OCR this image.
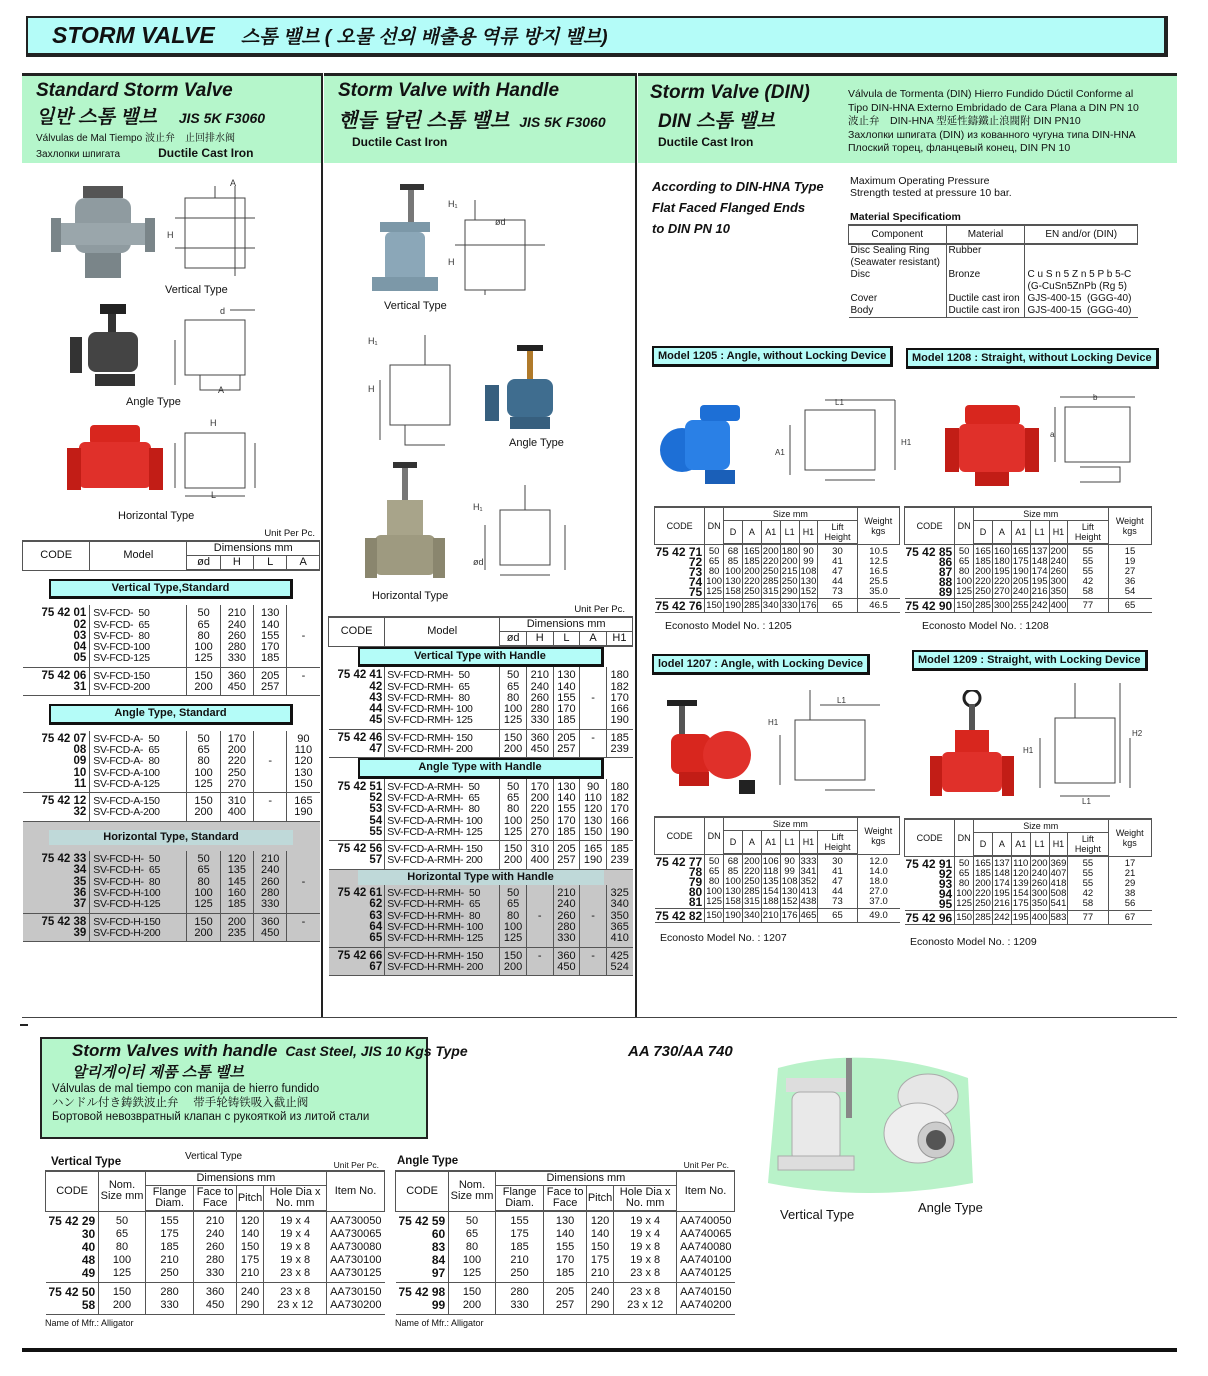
STORM VALVE 스톰 밸브 ( 오물 선외 배출용 역류 방지 밸브)
Standard Storm Valve
일반 스톰 밸브 JIS 5K F3060
Válvulas de Mal Tiempo 波止弁　止回排水阀
Захлопки шпигата	Ductile Cast Iron
Storm Valve with Handle
핸들 달린 스톰 밸브 JIS 5K F3060
Ductile Cast Iron
Storm Valve (DIN)
DIN 스톰 밸브
Ductile Cast Iron
Válvula de Tormenta (DIN) Hierro Fundido Dúctil Conforme al
Tipo DIN-HNA Externo Embridado de Cara Plana a DIN PN 10
波止弁　DIN-HNA 型延性鑄鐵止浪閥附 DIN PN10
Захлопки шпигата (DIN) из кованного чугуна типа DIN-HNA
Плоский торец, фланцевый конец, DIN PN 10
A
H
Vertical Type
d
A
Angle Type
H
L
Horizontal Type
Unit Per Pc.
CODE	Model	Dimensions mm			
		ød	H	L	A
Vertical Type,Standard					
75 42 01	SV-FCD-  50	50	210	130	
02	SV-FCD-  65	65	240	140	
03	SV-FCD-  80	80	260	155	-
04	SV-FCD-100	100	280	170	
05	SV-FCD-125	125	330	185	
75 42 06	SV-FCD-150	150	360	205	-
31	SV-FCD-200	200	450	257	
Angle Type, Standard					
75 42 07	SV-FCD-A-  50	50	170		90
08	SV-FCD-A-  65	65	200		110
09	SV-FCD-A-  80	80	220	-	120
10	SV-FCD-A-100	100	250		130
11	SV-FCD-A-125	125	270		150
75 42 12	SV-FCD-A-150	150	310	-	165
32	SV-FCD-A-200	200	400		190
Horizontal Type, Standard					
75 42 33	SV-FCD-H-  50	50	120	210	
34	SV-FCD-H-  65	65	135	240	
35	SV-FCD-H-  80	80	145	260	-
36	SV-FCD-H-100	100	160	280	
37	SV-FCD-H-125	125	185	330	
75 42 38	SV-FCD-H-150	150	200	360	-
39	SV-FCD-H-200	200	235	450	
H₁
H
ød
Vertical Type
H₁
H
Angle Type
H₁
ød
Horizontal Type
Unit Per Pc.
CODE	Model	Dimensions mm				
		ød	H	L	A	H1
Vertical Type with Handle						
75 42 41	SV-FCD-RMH-  50	50	210	130		180
42	SV-FCD-RMH-  65	65	240	140		182
43	SV-FCD-RMH-  80	80	260	155	-	170
44	SV-FCD-RMH- 100	100	280	170		166
45	SV-FCD-RMH- 125	125	330	185		190
75 42 46	SV-FCD-RMH- 150	150	360	205	-	185
47	SV-FCD-RMH- 200	200	450	257		239
Angle Type with Handle						
75 42 51	SV-FCD-A-RMH-  50	50	170	130	90	180
52	SV-FCD-A-RMH-  65	65	200	140	110	182
53	SV-FCD-A-RMH-  80	80	220	155	120	170
54	SV-FCD-A-RMH- 100	100	250	170	130	166
55	SV-FCD-A-RMH- 125	125	270	185	150	190
75 42 56	SV-FCD-A-RMH- 150	150	310	205	165	185
57	SV-FCD-A-RMH- 200	200	400	257	190	239
Horizontal Type with Handle						
75 42 61	SV-FCD-H-RMH-  50	50		210		325
62	SV-FCD-H-RMH-  65	65		240		340
63	SV-FCD-H-RMH-  80	80	-	260	-	350
64	SV-FCD-H-RMH- 100	100		280		365
65	SV-FCD-H-RMH- 125	125		330		410
75 42 66	SV-FCD-H-RMH- 150	150	-	360	-	425
67	SV-FCD-H-RMH- 200	200		450		524
According to DIN-HNA Type
Flat Faced Flanged Ends
to DIN PN 10
Maximum Operating Pressure
Strength tested at pressure 10 bar.
Material Specificatiom
Component	Material	EN and/or (DIN)
Disc Sealing Ring
(Seawater resistant)	Rubber	
Disc	Bronze	C u S n 5 Z n 5 P b 5-C
(G-CuSn5ZnPb (Rg 5)
Cover	Ductile cast iron	GJS-400-15  (GGG-40)
Body	Ductile cast iron	GJS-400-15  (GGG-40)
Model 1205 : Angle, without Locking Device	Model 1208 : Straight, without Locking Device
lodel 1207 : Angle, with Locking Device	Model 1209 : Straight, with Locking Device
L1
H1
A1
b
a
L1
H1
H1
H2
L1
CODE	DN	Size mm						Weight kgs
		D	A	A1	L1	H1	Lift Height	
75 42 71	50	68	165	200	180	90	30	10.5
72	65	85	185	220	200	99	41	12.5
73	80	100	200	250	215	108	47	16.5
74	100	130	220	285	250	130	44	25.5
75	125	158	250	315	290	152	73	35.0
75 42 76	150	190	285	340	330	176	65	46.5
CODE	DN	Size mm						Weight kgs
		D	A	A1	L1	H1	Lift Height	
75 42 85	50	165	160	165	137	200	55	15
86	65	185	180	175	148	240	55	19
87	80	200	195	190	174	260	55	27
88	100	220	220	205	195	300	42	36
89	125	250	270	240	216	350	58	54
75 42 90	150	285	300	255	242	400	77	65
CODE	DN	Size mm						Weight kgs
		D	A	A1	L1	H1	Lift Height	
75 42 77	50	68	200	106	90	333	30	12.0
78	65	85	220	118	99	341	41	14.0
79	80	100	250	135	108	352	47	18.0
80	100	130	285	154	130	413	44	27.0
81	125	158	315	188	152	438	73	37.0
75 42 82	150	190	340	210	176	465	65	49.0
CODE	DN	Size mm						Weight kgs
		D	A	A1	L1	H1	Lift Height	
75 42 91	50	165	137	110	200	369	55	17
92	65	185	148	120	240	407	55	21
93	80	200	174	139	260	418	55	29
94	100	220	195	154	300	508	42	38
95	125	250	216	175	350	541	58	56
75 42 96	150	285	242	195	400	583	77	67
Econosto Model No. : 1205	Econosto Model No. : 1208
Econosto Model No. : 1207	Econosto Model No. : 1209
Storm Valves with handle Cast Steel, JIS 10 Kgs Type
알리게이터 제품 스톰 밸브
Válvulas de mal tiempo con manija de hierro fundido
ハンドル付き鋳鉄波止弁　 带手轮铸铁吸入截止阀
Бортовой невозвратный клапан с рукояткой из литой стали
AA 730/AA 740
Vertical Type	Angle Type
Vertical Type	Vertical Type
Unit Per Pc.
CODE	Nom. Size mm	Dimensions mm				Item No.
		Flange Diam.	Face to Face	Pitch	Hole Dia x No. mm	
75 42 29	50	155	210	120	19 x 4	AA730050
30	65	175	240	140	19 x 4	AA730065
40	80	185	260	150	19 x 8	AA730080
48	100	210	280	175	19 x 8	AA730100
49	125	250	330	210	23 x 8	AA730125
75 42 50	150	280	360	240	23 x 8	AA730150
58	200	330	450	290	23 x 12	AA730200
Name of Mfr.: Alligator
Angle Type	Unit Per Pc.
CODE	Nom. Size mm	Dimensions mm				Item No.
		Flange Diam.	Face to Face	Pitch	Hole Dia x No. mm	
75 42 59	50	155	130	120	19 x 4	AA740050
60	65	175	140	140	19 x 4	AA740065
83	80	185	155	150	19 x 8	AA740080
84	100	210	170	175	19 x 8	AA740100
97	125	250	185	210	23 x 8	AA740125
75 42 98	150	280	205	240	23 x 8	AA740150
99	200	330	257	290	23 x 12	AA740200
Name of Mfr.: Alligator
